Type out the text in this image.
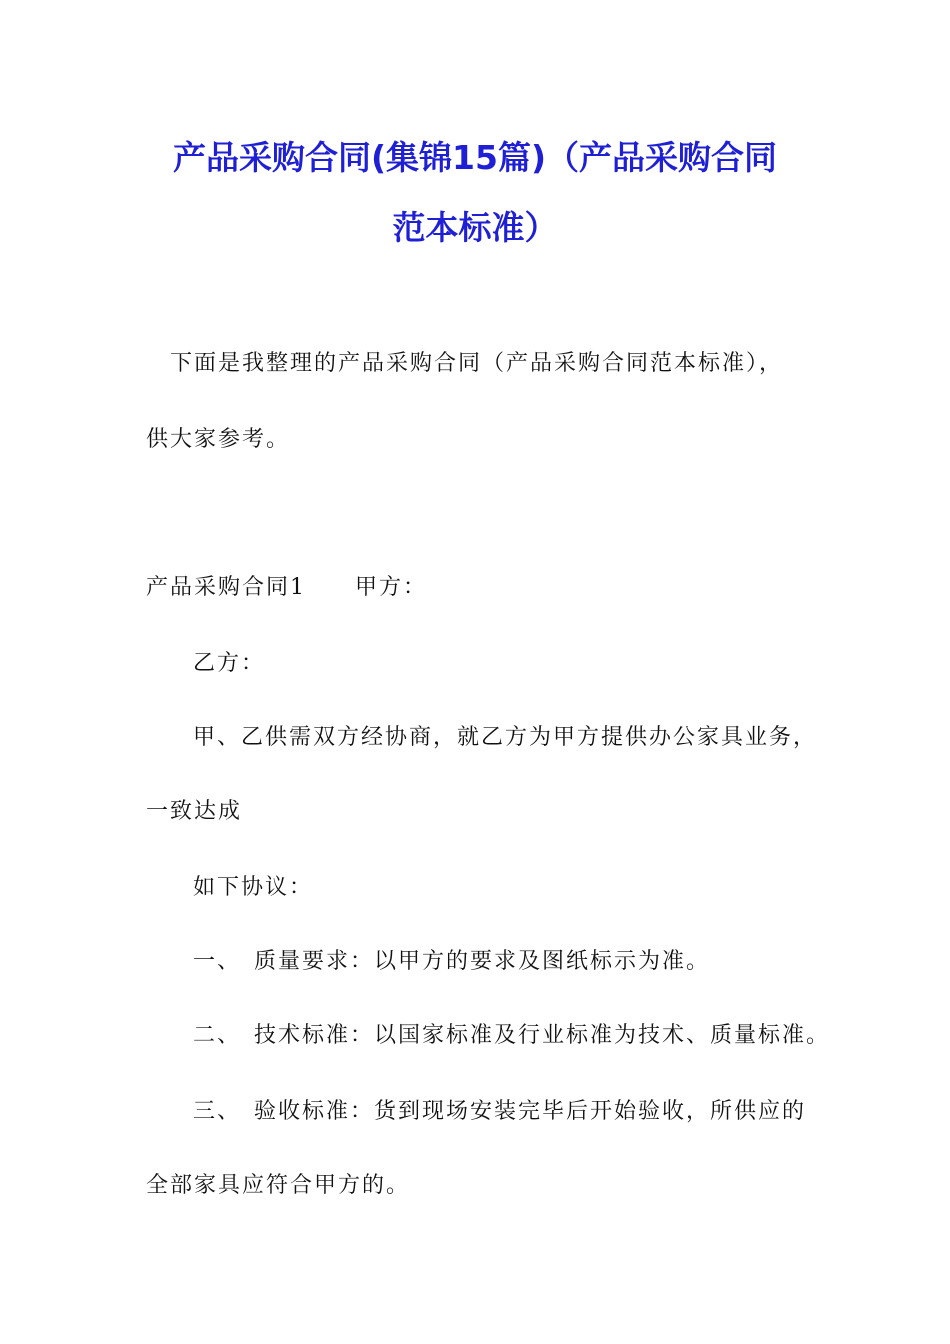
产品采购合同(集锦15篇)（产品采购合同
范本标准）
下面是我整理的产品采购合同（产品采购合同范本标准），
供大家参考。
产品采购合同1 甲方：
乙方：
甲、乙供需双方经协商，就乙方为甲方提供办公家具业务，
一致达成
如下协议：
一、 质量要求：以甲方的要求及图纸标示为准。
二、 技术标准：以国家标准及行业标准为技术、质量标准。
三、 验收标准：货到现场安装完毕后开始验收，所供应的
全部家具应符合甲方的。
